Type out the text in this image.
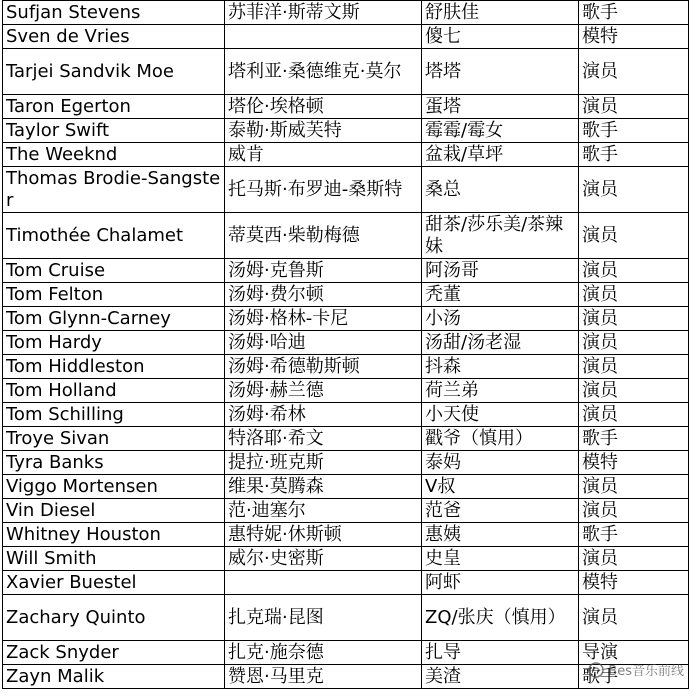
Sufjan Stevens	苏菲洋·斯蒂文斯	舒肤佳	歌手
Sven de Vries		傻七	模特
Tarjei Sandvik Moe	塔利亚·桑德维克·莫尔	塔塔	演员
Taron Egerton	塔伦·埃格顿	蛋塔	演员
Taylor Swift	泰勒·斯威芙特	霉霉/霉女	歌手
The Weeknd	威肯	盆栽/草坪	歌手
Thomas Brodie-Sangster	托马斯·布罗迪-桑斯特	桑总	演员
Timothée Chalamet	蒂莫西·柴勒梅德	甜茶/莎乐美/茶辣妹	演员
Tom Cruise	汤姆·克鲁斯	阿汤哥	演员
Tom Felton	汤姆·费尔顿	秃董	演员
Tom Glynn-Carney	汤姆·格林-卡尼	小汤	演员
Tom Hardy	汤姆·哈迪	汤甜/汤老湿	演员
Tom Hiddleston	汤姆·希德勒斯顿	抖森	演员
Tom Holland	汤姆·赫兰德	荷兰弟	演员
Tom Schilling	汤姆·希林	小天使	演员
Troye Sivan	特洛耶·希文	戳爷（慎用）	歌手
Tyra Banks	提拉·班克斯	泰妈	模特
Viggo Mortensen	维果·莫腾森	V叔	演员
Vin Diesel	范·迪塞尔	范爸	演员
Whitney Houston	惠特妮·休斯顿	惠姨	歌手
Will Smith	威尔·史密斯	史皇	演员
Xavier Buestel		阿虾	模特
Zachary Quinto	扎克瑞·昆图	ZQ/张庆（慎用）	演员
Zack Snyder	扎克·施奈德	扎导	导演
Zayn Malik	赞恩·马里克	美渣	歌手
Bes音乐前线
